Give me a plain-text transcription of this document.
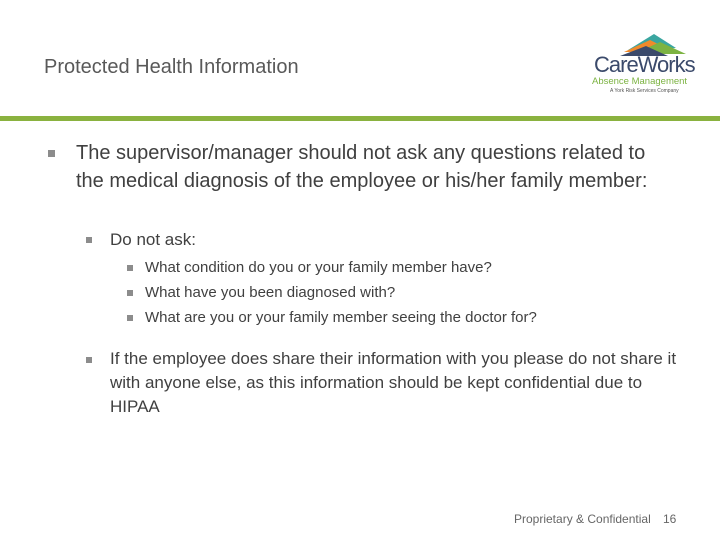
Protected Health Information	CareWorks
Absence Management
A York Risk Services Company
The supervisor/manager should not ask any questions related to the medical diagnosis of the employee or his/her family member:
Do not ask:
What condition do you or your family member have?
What have you been diagnosed with?
What are you or your family member seeing the doctor for?
If the employee does share their information with you please do not share it with anyone else, as this information should be kept confidential due to HIPAA
Proprietary & Confidential 16
